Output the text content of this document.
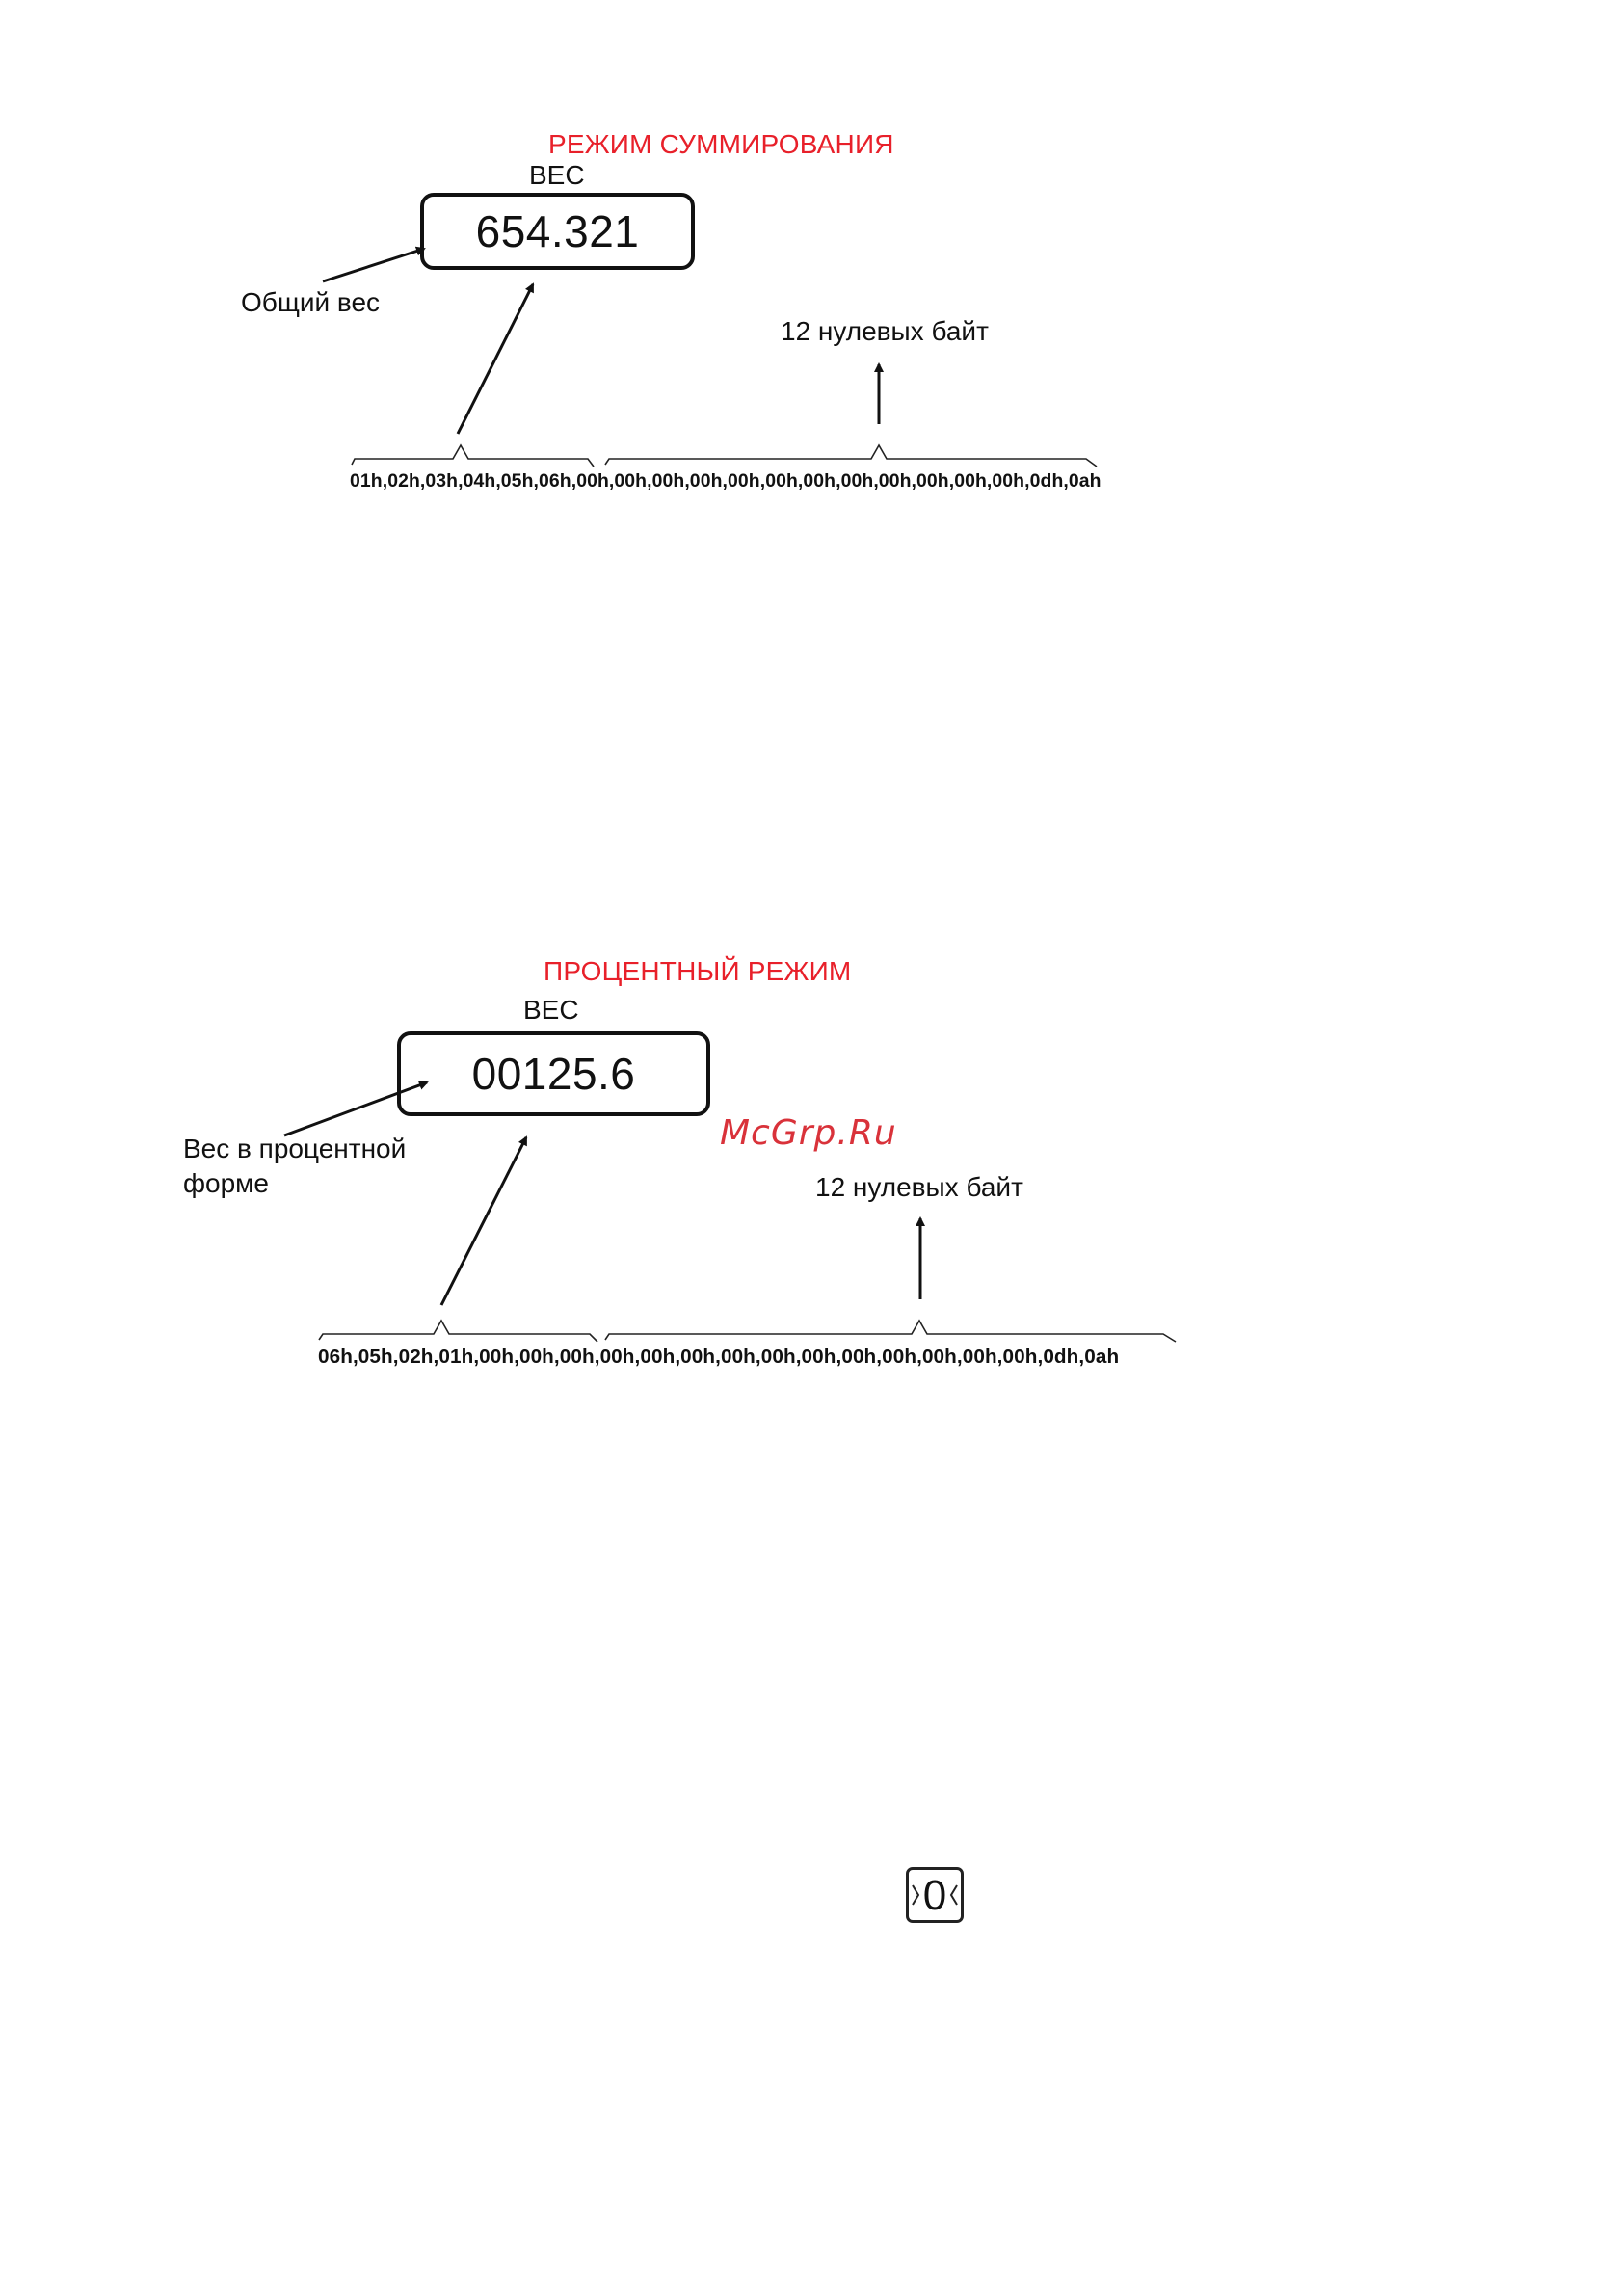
РЕЖИМ СУММИРОВАНИЯ
ВЕС
654.321
Общий вес
12 нулевых байт
01h,02h,03h,04h,05h,06h,00h,00h,00h,00h,00h,00h,00h,00h,00h,00h,00h,00h,0dh,0ah
ПРОЦЕНТНЫЙ РЕЖИМ
ВЕС
00125.6
Вес в процентной
форме	12 нулевых байт
06h,05h,02h,01h,00h,00h,00h,00h,00h,00h,00h,00h,00h,00h,00h,00h,00h,00h,0dh,0ah
McGrp.Ru
0
